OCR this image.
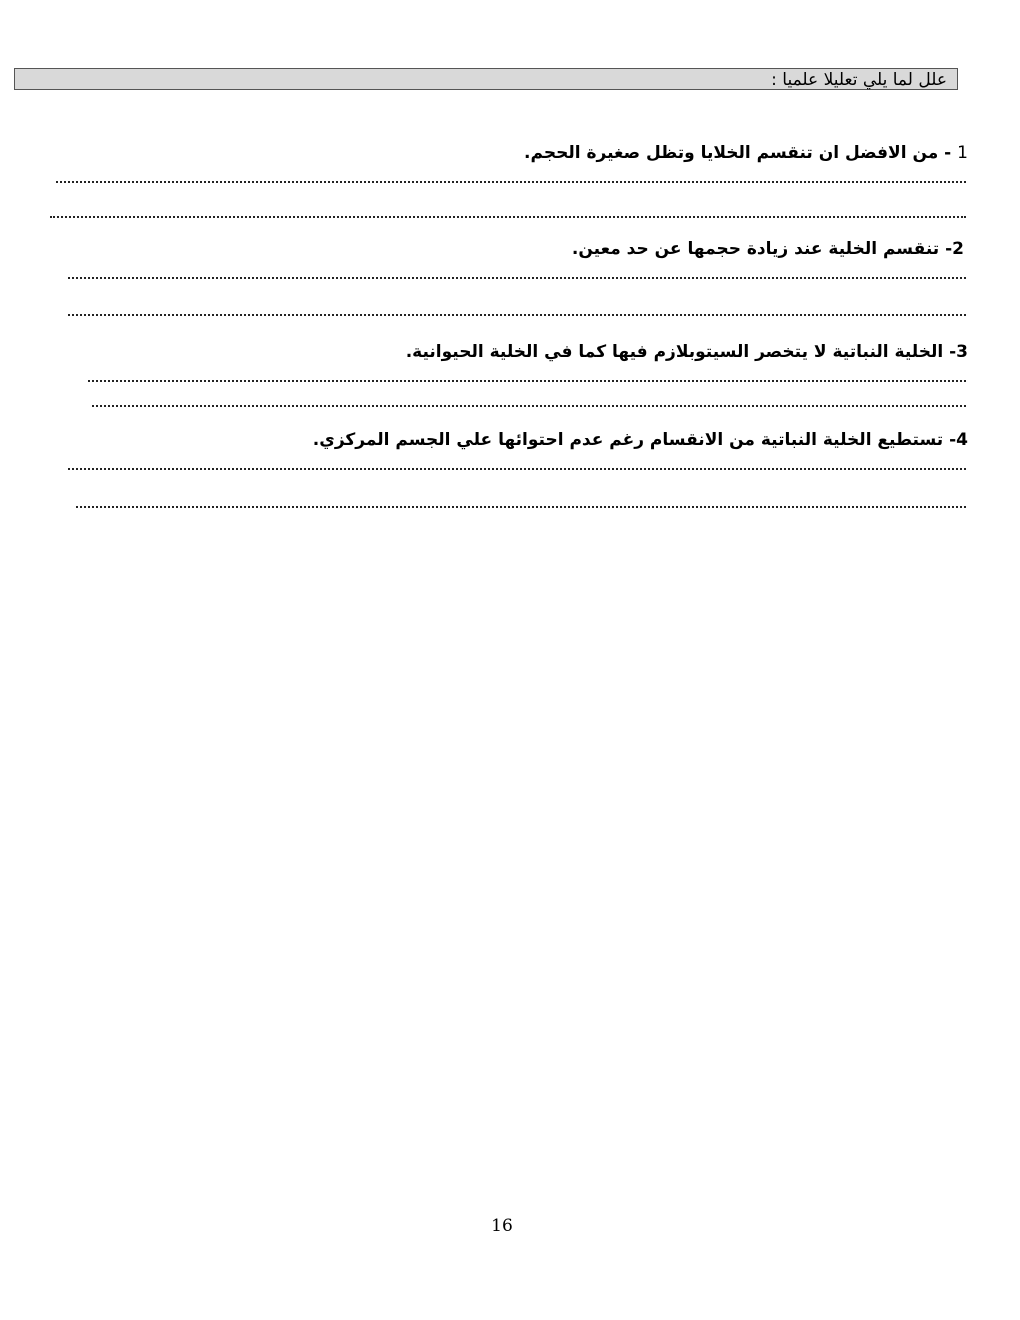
علل لما يلي تعليلا علميا :
1 - من الافضل ان تنقسم الخلايا وتظل صغيرة الحجم.
2- تنقسم الخلية عند زيادة حجمها عن حد معين.
3- الخلية النباتية لا يتخصر السيتوبلازم فيها كما في الخلية الحيوانية.
4- تستطيع الخلية النباتية من الانقسام رغم عدم احتوائها علي الجسم المركزي.
16
